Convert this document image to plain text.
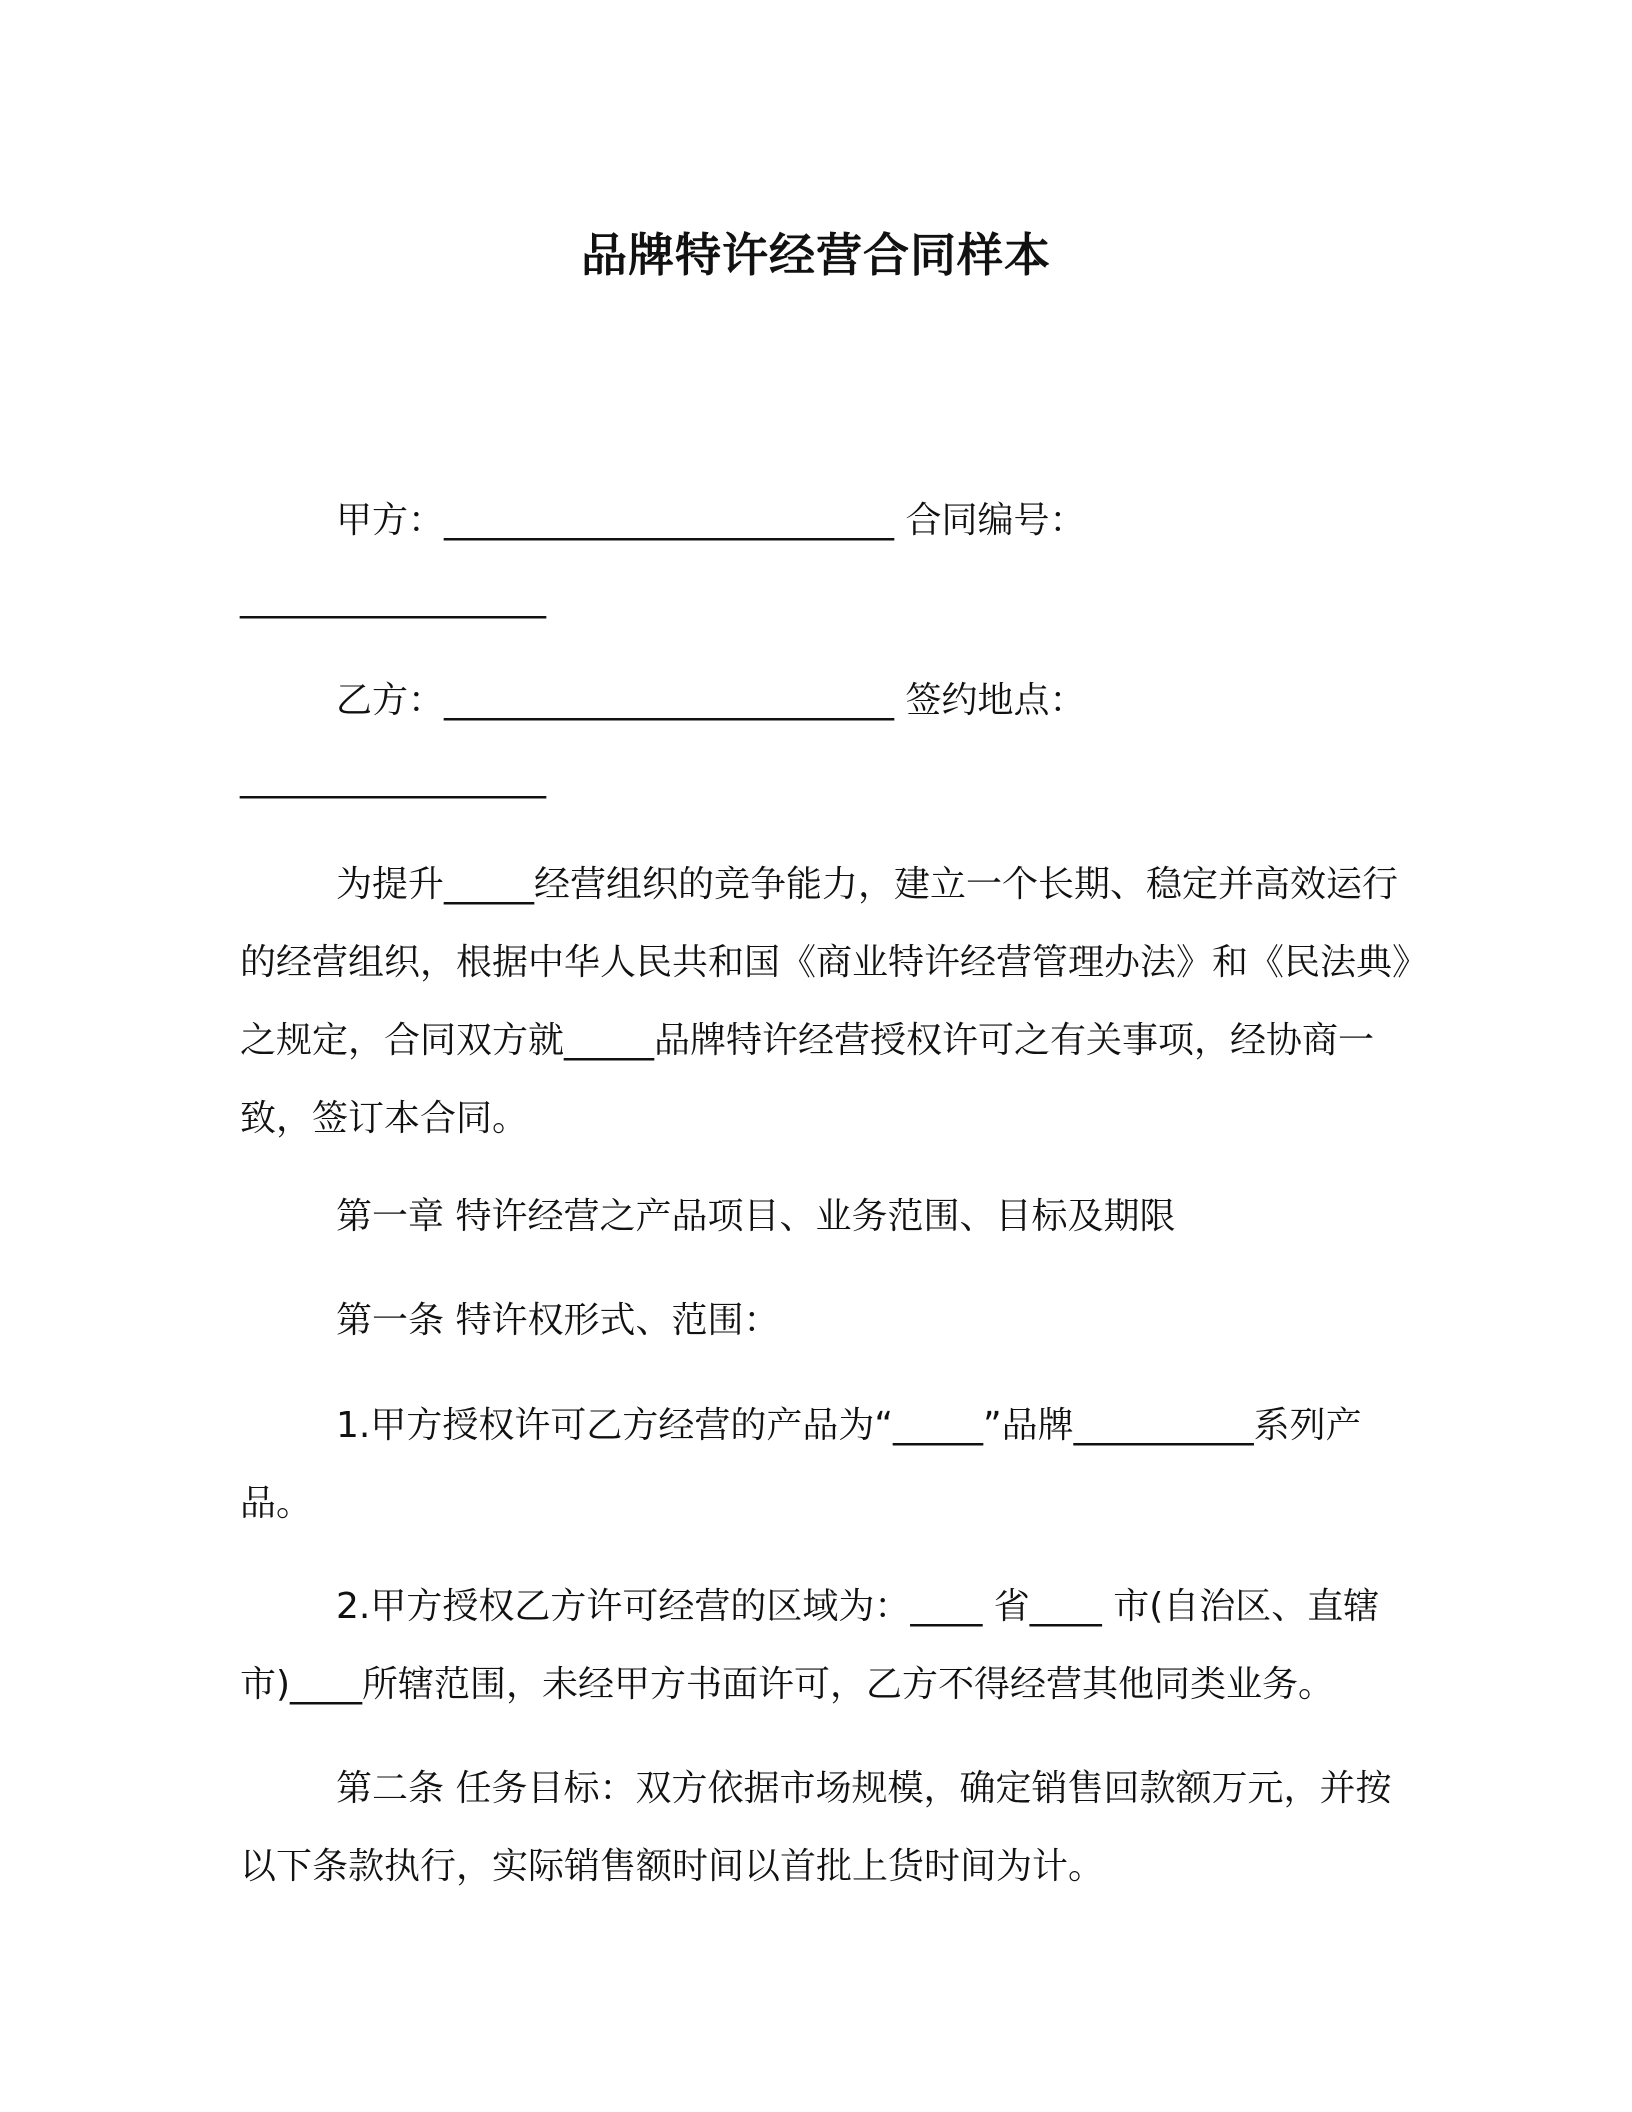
品牌特许经营合同样本

甲方：_________________________ 合同编号：
_________________

乙方：_________________________ 签约地点：
_________________

为提升_____经营组织的竞争能力，建立一个长期、稳定并高效运行的经营组织，根据中华人民共和国《商业特许经营管理办法》和《民法典》之规定，合同双方就_____品牌特许经营授权许可之有关事项，经协商一致，签订本合同。

第一章 特许经营之产品项目、业务范围、目标及期限

第一条 特许权形式、范围：

1.甲方授权许可乙方经营的产品为“_____”品牌__________系列产品。

2.甲方授权乙方许可经营的区域为：____ 省____ 市(自治区、直辖市)____所辖范围，未经甲方书面许可，乙方不得经营其他同类业务。

第二条 任务目标：双方依据市场规模，确定销售回款额万元，并按以下条款执行，实际销售额时间以首批上货时间为计。
